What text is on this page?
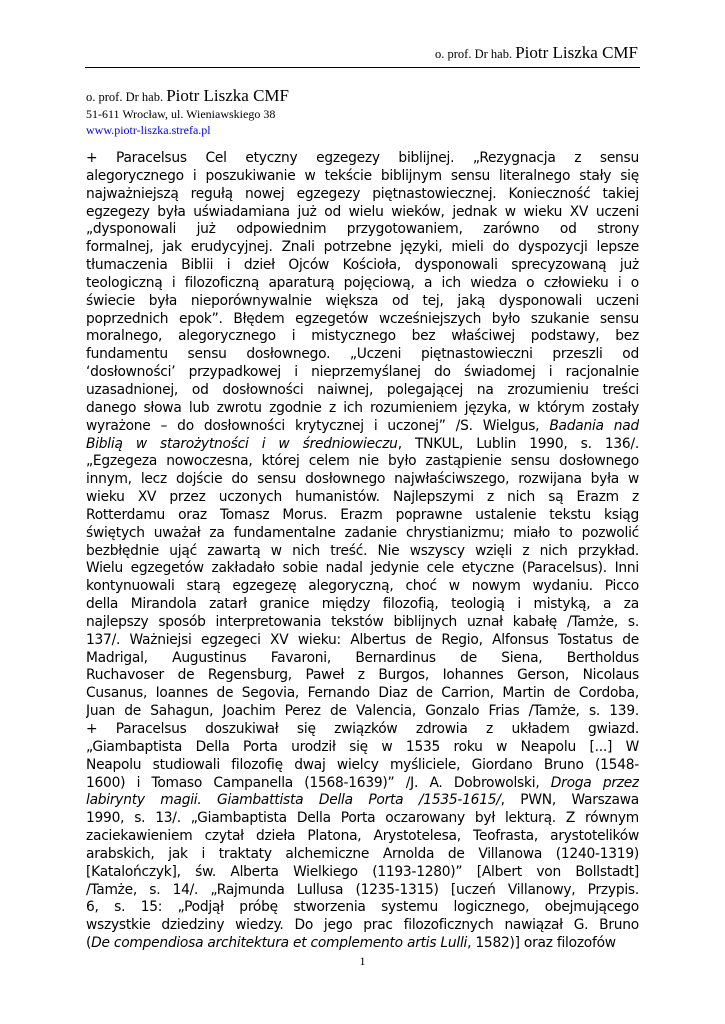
o. prof. Dr hab. Piotr Liszka CMF
o. prof. Dr hab. Piotr Liszka CMF
51-611 Wrocław, ul. Wieniawskiego 38
www.piotr-liszka.strefa.pl
+ Paracelsus Cel etyczny egzegezy biblijnej. „Rezygnacja z sensu
alegorycznego i poszukiwanie w tekście biblijnym sensu literalnego stały się
najważniejszą regułą nowej egzegezy piętnastowiecznej. Konieczność takiej
egzegezy była uświadamiana już od wielu wieków, jednak w wieku XV uczeni
„dysponowali już odpowiednim przygotowaniem, zarówno od strony
formalnej, jak erudycyjnej. Znali potrzebne języki, mieli do dyspozycji lepsze
tłumaczenia Biblii i dzieł Ojców Kościoła, dysponowali sprecyzowaną już
teologiczną i filozoficzną aparaturą pojęciową, a ich wiedza o człowieku i o
świecie była nieporównywalnie większa od tej, jaką dysponowali uczeni
poprzednich epok”. Błędem egzegetów wcześniejszych było szukanie sensu
moralnego, alegorycznego i mistycznego bez właściwej podstawy, bez
fundamentu sensu dosłownego. „Uczeni piętnastowieczni przeszli od
‘dosłowności’ przypadkowej i nieprzemyślanej do świadomej i racjonalnie
uzasadnionej, od dosłowności naiwnej, polegającej na zrozumieniu treści
danego słowa lub zwrotu zgodnie z ich rozumieniem języka, w którym zostały
wyrażone – do dosłowności krytycznej i uczonej” /S. Wielgus, Badania nad
Biblią w starożytności i w średniowieczu, TNKUL, Lublin 1990, s. 136/.
„Egzegeza nowoczesna, której celem nie było zastąpienie sensu dosłownego
innym, lecz dojście do sensu dosłownego najwłaściwszego, rozwijana była w
wieku XV przez uczonych humanistów. Najlepszymi z nich są Erazm z
Rotterdamu oraz Tomasz Morus. Erazm poprawne ustalenie tekstu ksiąg
świętych uważał za fundamentalne zadanie chrystianizmu; miało to pozwolić
bezbłędnie ująć zawartą w nich treść. Nie wszyscy wzięli z nich przykład.
Wielu egzegetów zakładało sobie nadal jedynie cele etyczne (Paracelsus). Inni
kontynuowali starą egzegezę alegoryczną, choć w nowym wydaniu. Picco
della Mirandola zatarł granice między filozofią, teologią i mistyką, a za
najlepszy sposób interpretowania tekstów biblijnych uznał kabałę /Tamże, s.
137/. Ważniejsi egzegeci XV wieku: Albertus de Regio, Alfonsus Tostatus de
Madrigal, Augustinus Favaroni, Bernardinus de Siena, Bertholdus
Ruchavoser de Regensburg, Paweł z Burgos, Iohannes Gerson, Nicolaus
Cusanus, Ioannes de Segovia, Fernando Diaz de Carrion, Martin de Cordoba,
Juan de Sahagun, Joachim Perez de Valencia, Gonzalo Frias /Tamże, s. 139.
+ Paracelsus doszukiwał się związków zdrowia z układem gwiazd.
„Giambaptista Della Porta urodził się w 1535 roku w Neapolu [...] W
Neapolu studiowali filozofię dwaj wielcy myśliciele, Giordano Bruno (1548-
1600) i Tomaso Campanella (1568-1639)” /J. A. Dobrowolski, Droga przez
labirynty magii. Giambattista Della Porta /1535-1615/, PWN, Warszawa
1990, s. 13/. „Giambaptista Della Porta oczarowany był lekturą. Z równym
zaciekawieniem czytał dzieła Platona, Arystotelesa, Teofrasta, arystotelików
arabskich, jak i traktaty alchemiczne Arnolda de Villanowa (1240-1319)
[Katalończyk], św. Alberta Wielkiego (1193-1280)” [Albert von Bollstadt]
/Tamże, s. 14/. „Rajmunda Lullusa (1235-1315) [uczeń Villanowy, Przypis.
6, s. 15: „Podjął próbę stworzenia systemu logicznego, obejmującego
wszystkie dziedziny wiedzy. Do jego prac filozoficznych nawiązał G. Bruno
(De compendiosa architektura et complemento artis Lulli, 1582)] oraz filozofów
1
